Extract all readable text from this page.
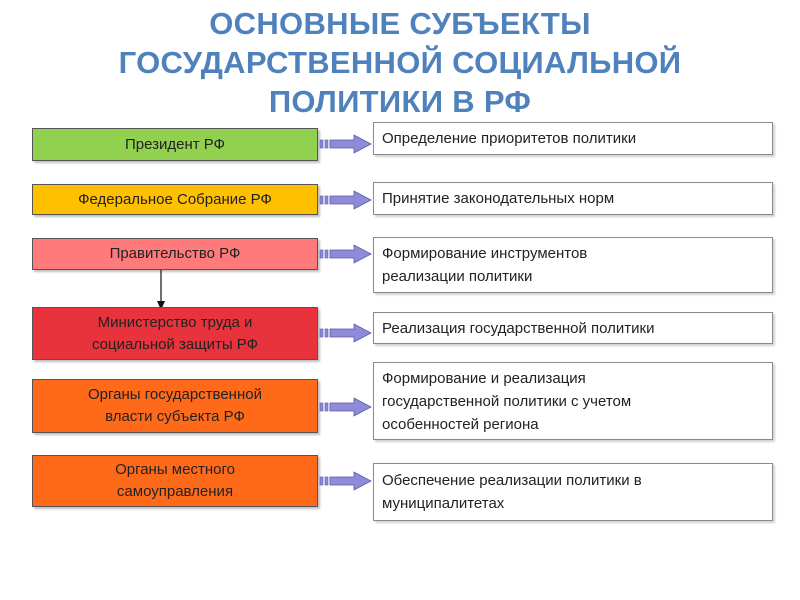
ОСНОВНЫЕ СУБЪЕКТЫ
ГОСУДАРСТВЕННОЙ СОЦИАЛЬНОЙ
ПОЛИТИКИ В РФ
Президент РФ	Определение приоритетов политики
Федеральное Собрание РФ	Принятие законодательных норм
Правительство РФ	Формирование инструментов
реализации политики
Министерство труда и
социальной защиты РФ
Реализация государственной политики
Органы государственной
власти субъекта РФ
Формирование и реализация
государственной политики с учетом
особенностей региона
Органы местного
самоуправления
Обеспечение реализации политики в
муниципалитетах
